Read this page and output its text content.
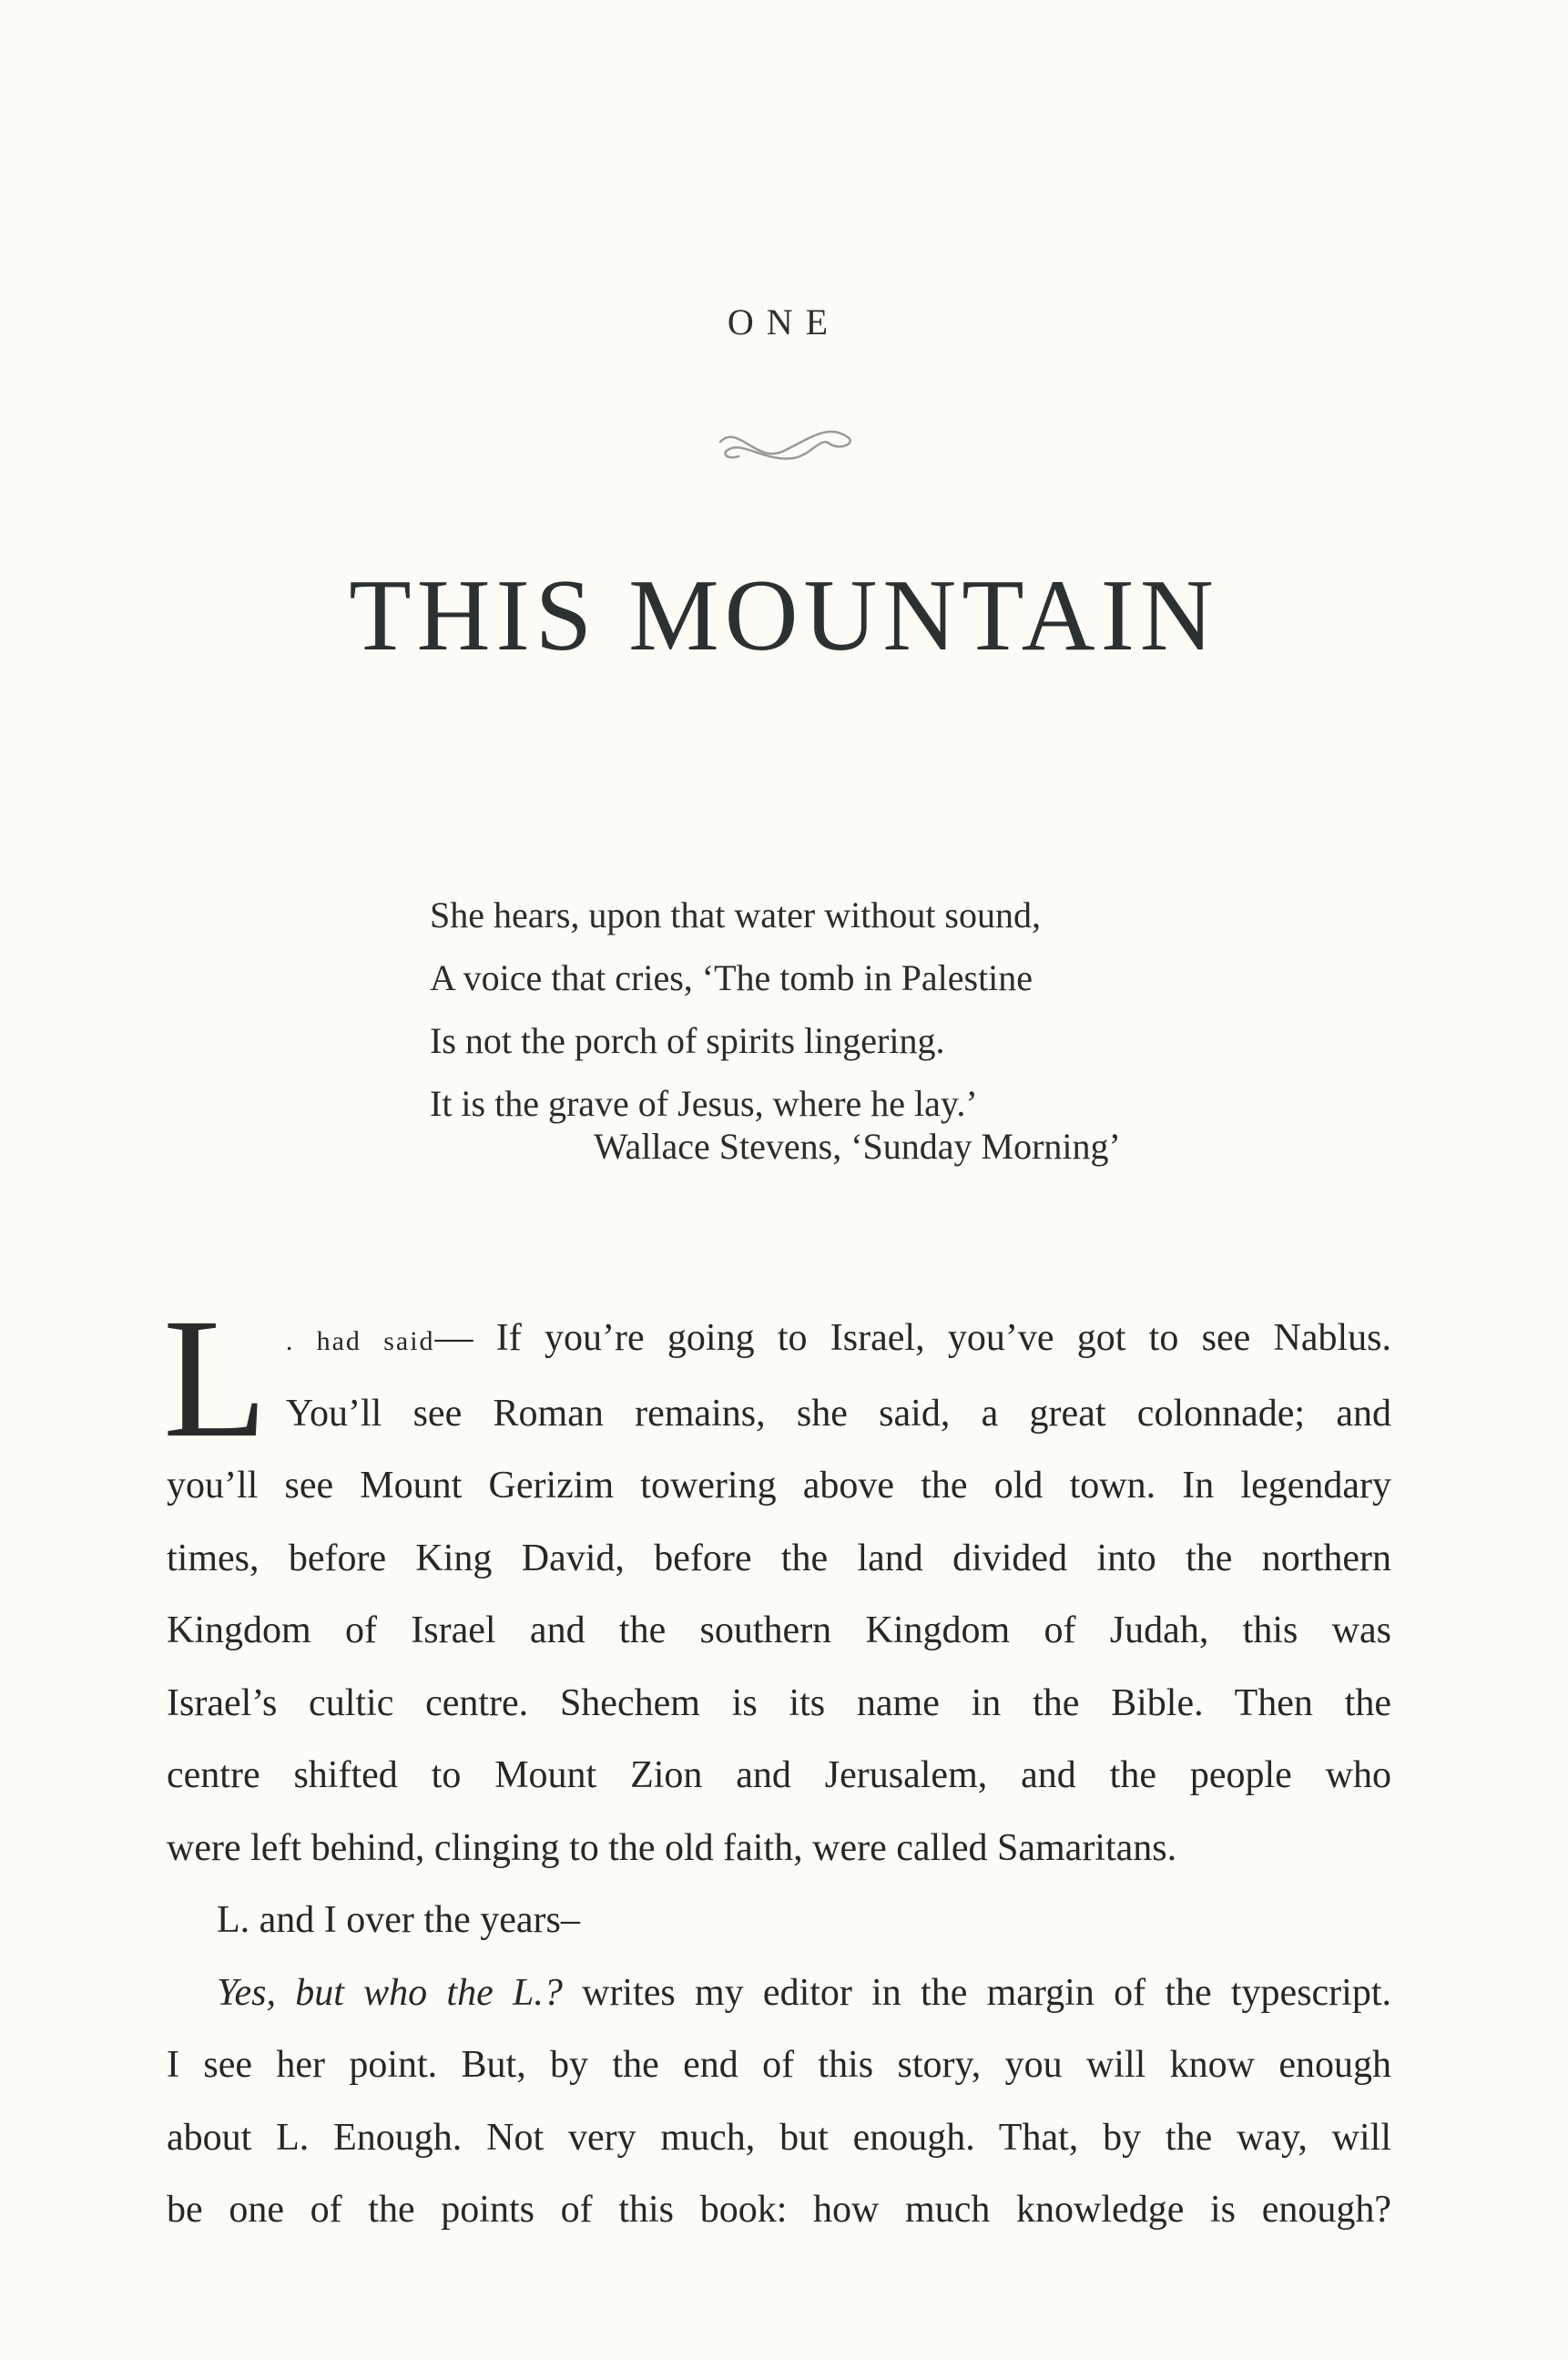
ONE
THIS MOUNTAIN
She hears, upon that water without sound,
A voice that cries, ‘The tomb in Palestine
Is not the porch of spirits lingering.
It is the grave of Jesus, where he lay.’
Wallace Stevens, ‘Sunday Morning’
L . had said— If you’re going to Israel, you’ve got to see Nablus.
You’ll see Roman remains, she said, a great colonnade; and
you’ll see Mount Gerizim towering above the old town. In legendary
times, before King David, before the land divided into the northern
Kingdom of Israel and the southern Kingdom of Judah, this was
Israel’s cultic centre. Shechem is its name in the Bible. Then the
centre shifted to Mount Zion and Jerusalem, and the people who
were left behind, clinging to the old faith, were called Samaritans.
L. and I over the years–
Yes, but who the L.? writes my editor in the margin of the typescript.
I see her point. But, by the end of this story, you will know enough
about L. Enough. Not very much, but enough. That, by the way, will
be one of the points of this book: how much knowledge is enough?
